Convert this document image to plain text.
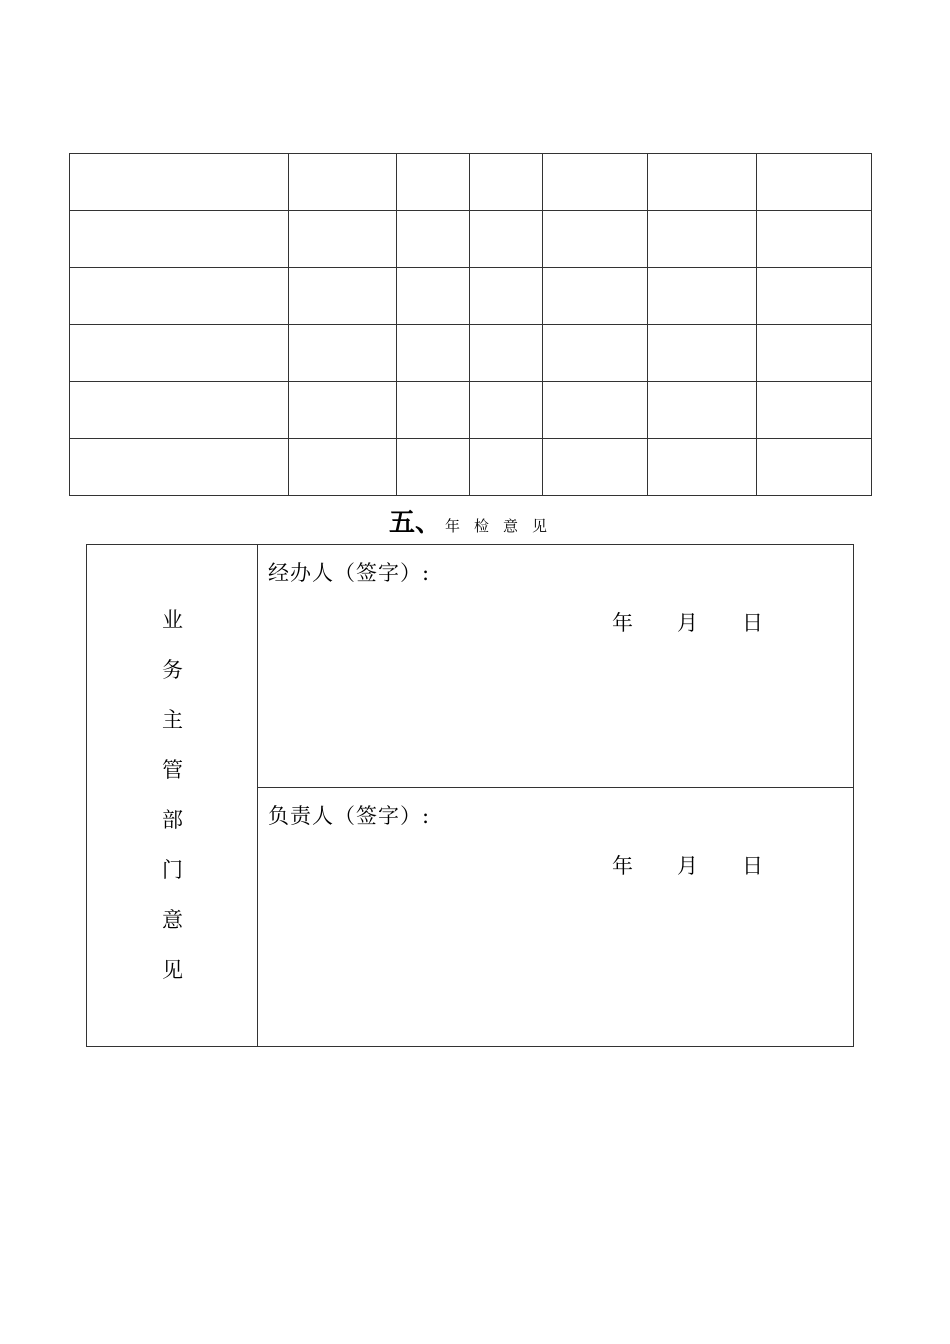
五、 年检意见
业
务
主
管
部
门
意
见
经办人（签字）:
年 月 日
负责人（签字）:
年 月 日
